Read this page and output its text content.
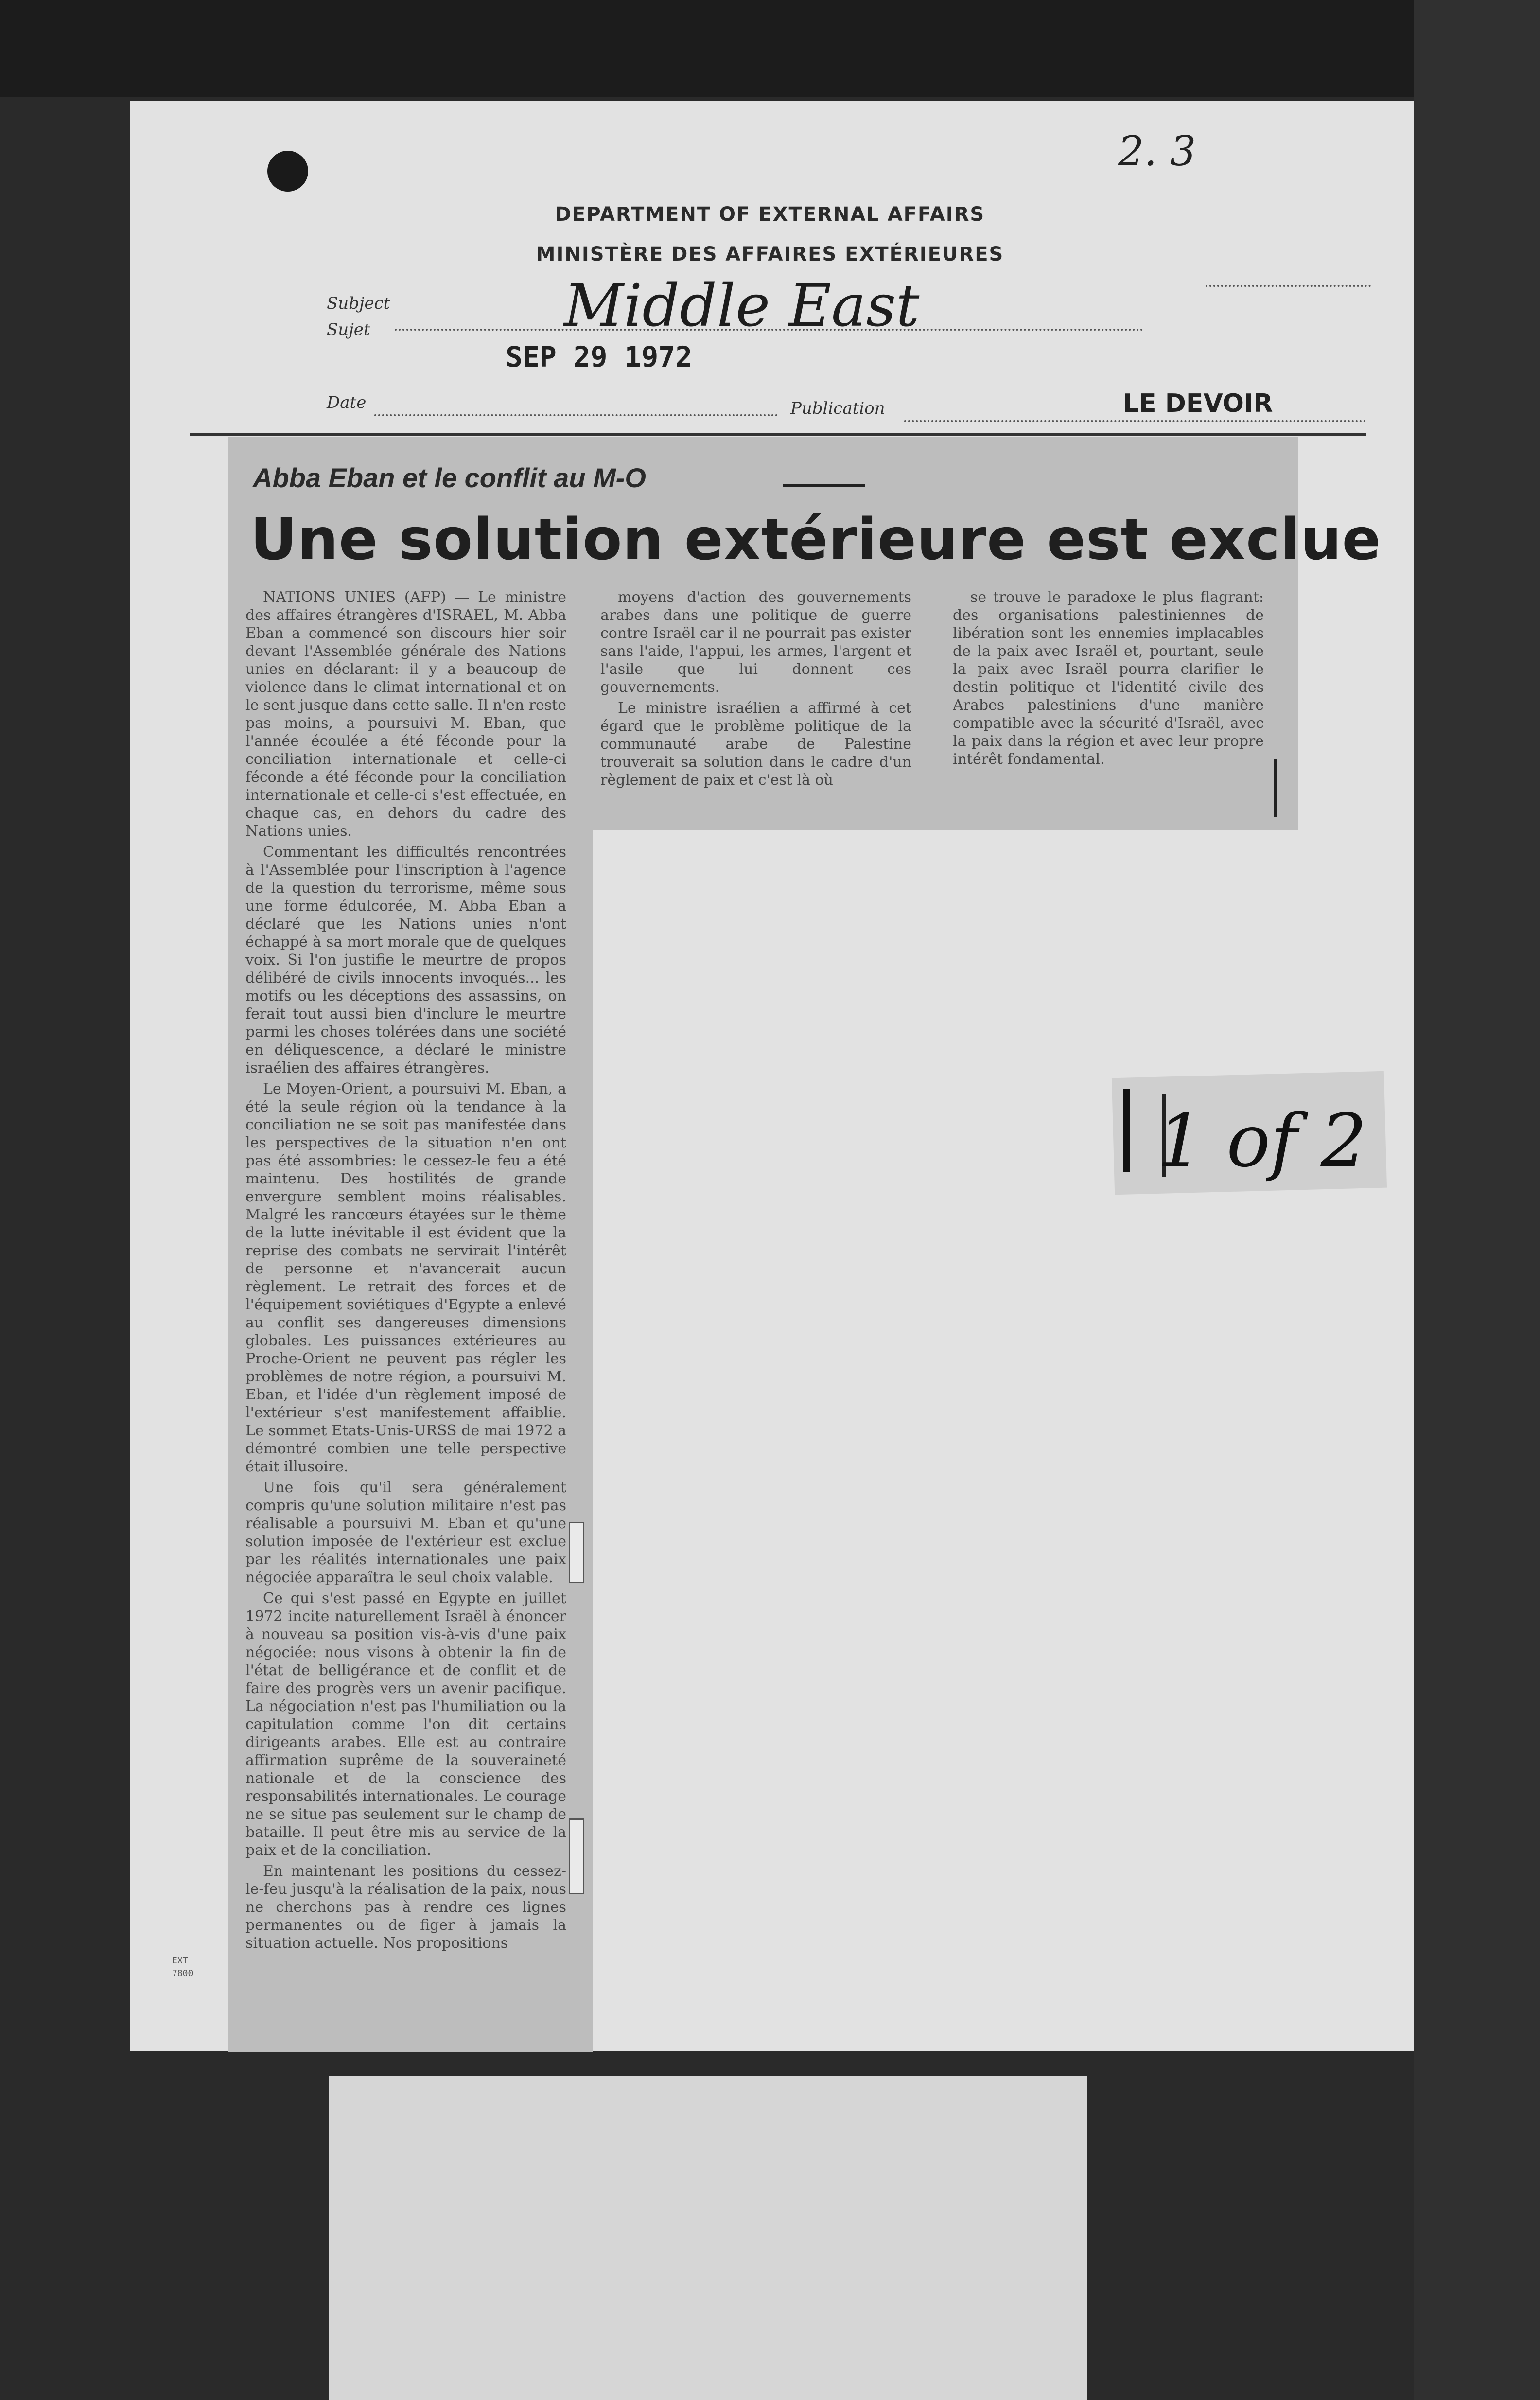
2. 3
DEPARTMENT OF EXTERNAL AFFAIRS
MINISTÈRE DES AFFAIRES EXTÉRIEURES
Subject
Sujet	Middle East
SEP 29 1972
Date	Publication	LE DEVOIR
Abba Eban et le conflit au M-O
Une solution extérieure est exclue

NATIONS UNIES (AFP) — Le ministre des affaires étrangères d'ISRAEL, M. Abba Eban a commencé son discours hier soir devant l'Assemblée générale des Nations unies en déclarant: il y a beaucoup de violence dans le climat international et on le sent jusque dans cette salle. Il n'en reste pas moins, a poursuivi M. Eban, que l'année écoulée a été féconde pour la conciliation internationale et celle-ci féconde a été féconde pour la conciliation internationale et celle-ci s'est effectuée, en chaque cas, en dehors du cadre des Nations unies.

Commentant les difficultés rencontrées à l'Assemblée pour l'inscription à l'agence de la question du terrorisme, même sous une forme édulcorée, M. Abba Eban a déclaré que les Nations unies n'ont échappé à sa mort morale que de quelques voix. Si l'on justifie le meurtre de propos délibéré de civils innocents invoqués... les motifs ou les déceptions des assassins, on ferait tout aussi bien d'inclure le meurtre parmi les choses tolérées dans une société en déliquescence, a déclaré le ministre israélien des affaires étrangères.

Le Moyen-Orient, a poursuivi M. Eban, a été la seule région où la tendance à la conciliation ne se soit pas manifestée dans les perspectives de la situation n'en ont pas été assombries: le cessez-le feu a été maintenu. Des hostilités de grande envergure semblent moins réalisables. Malgré les rancœurs étayées sur le thème de la lutte inévitable il est évident que la reprise des combats ne servirait l'intérêt de personne et n'avancerait aucun règlement. Le retrait des forces et de l'équipement soviétiques d'Egypte a enlevé au conflit ses dangereuses dimensions globales. Les puissances extérieures au Proche-Orient ne peuvent pas régler les problèmes de notre région, a poursuivi M. Eban, et l'idée d'un règlement imposé de l'extérieur s'est manifestement affaiblie. Le sommet Etats-Unis-URSS de mai 1972 a démontré combien une telle perspective était illusoire.

Une fois qu'il sera généralement compris qu'une solution militaire n'est pas réalisable a poursuivi M. Eban et qu'une solution imposée de l'extérieur est exclue par les réalités internationales une paix négociée apparaîtra le seul choix valable.

Ce qui s'est passé en Egypte en juillet 1972 incite naturellement Israël à énoncer à nouveau sa position vis-à-vis d'une paix négociée: nous visons à obtenir la fin de l'état de belligérance et de conflit et de faire des progrès vers un avenir pacifique. La négociation n'est pas l'humiliation ou la capitulation comme l'on dit certains dirigeants arabes. Elle est au contraire affirmation suprême de la souveraineté nationale et de la conscience des responsabilités internationales. Le courage ne se situe pas seulement sur le champ de bataille. Il peut être mis au service de la paix et de la conciliation.

En maintenant les positions du cessez-le-feu jusqu'à la réalisation de la paix, nous ne cherchons pas à rendre ces lignes permanentes ou de figer à jamais la situation actuelle. Nos propositions

moyens d'action des gouvernements arabes dans une politique de guerre contre Israël car il ne pourrait pas exister sans l'aide, l'appui, les armes, l'argent et l'asile que lui donnent ces gouvernements.

Le ministre israélien a affirmé à cet égard que le problème politique de la communauté arabe de Palestine trouverait sa solution dans le cadre d'un règlement de paix et c'est là où

se trouve le paradoxe le plus flagrant: des organisations palestiniennes de libération sont les ennemies implacables de la paix avec Israël et, pourtant, seule la paix avec Israël pourra clarifier le destin politique et l'identité civile des Arabes palestiniens d'une manière compatible avec la sécurité d'Israël, avec la paix dans la région et avec leur propre intérêt fondamental.

EXT
7800
1 of 2
